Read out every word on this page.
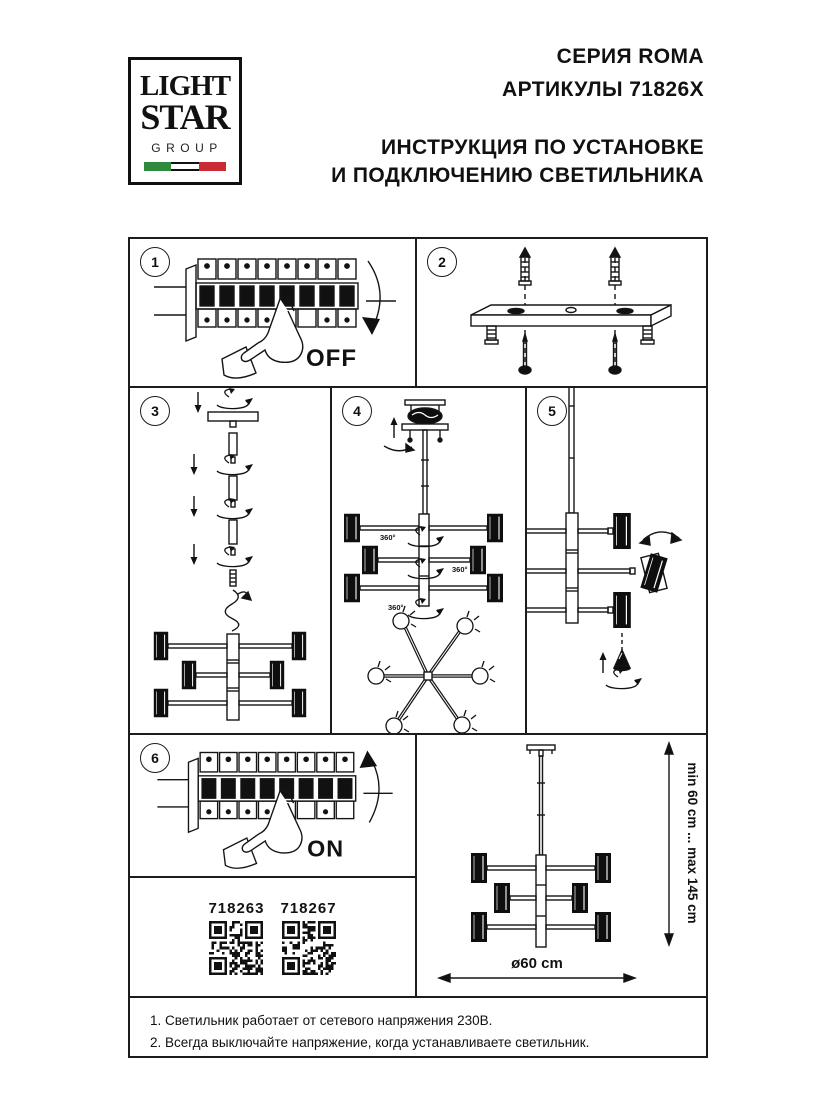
LIGHT
STAR
GROUP
СЕРИЯ ROMA
АРТИКУЛЫ 71826X
ИНСТРУКЦИЯ ПО УСТАНОВКЕ
И ПОДКЛЮЧЕНИЮ СВЕТИЛЬНИКА
1
OFF
2
3	4
360°
360°
360°
5
6
ON
718263 718267	min 60 cm ... max 145 cm
ø60 cm
1. Светильник работает от сетевого напряжения 230В.
2. Всегда выключайте напряжение, когда устанавливаете светильник.
